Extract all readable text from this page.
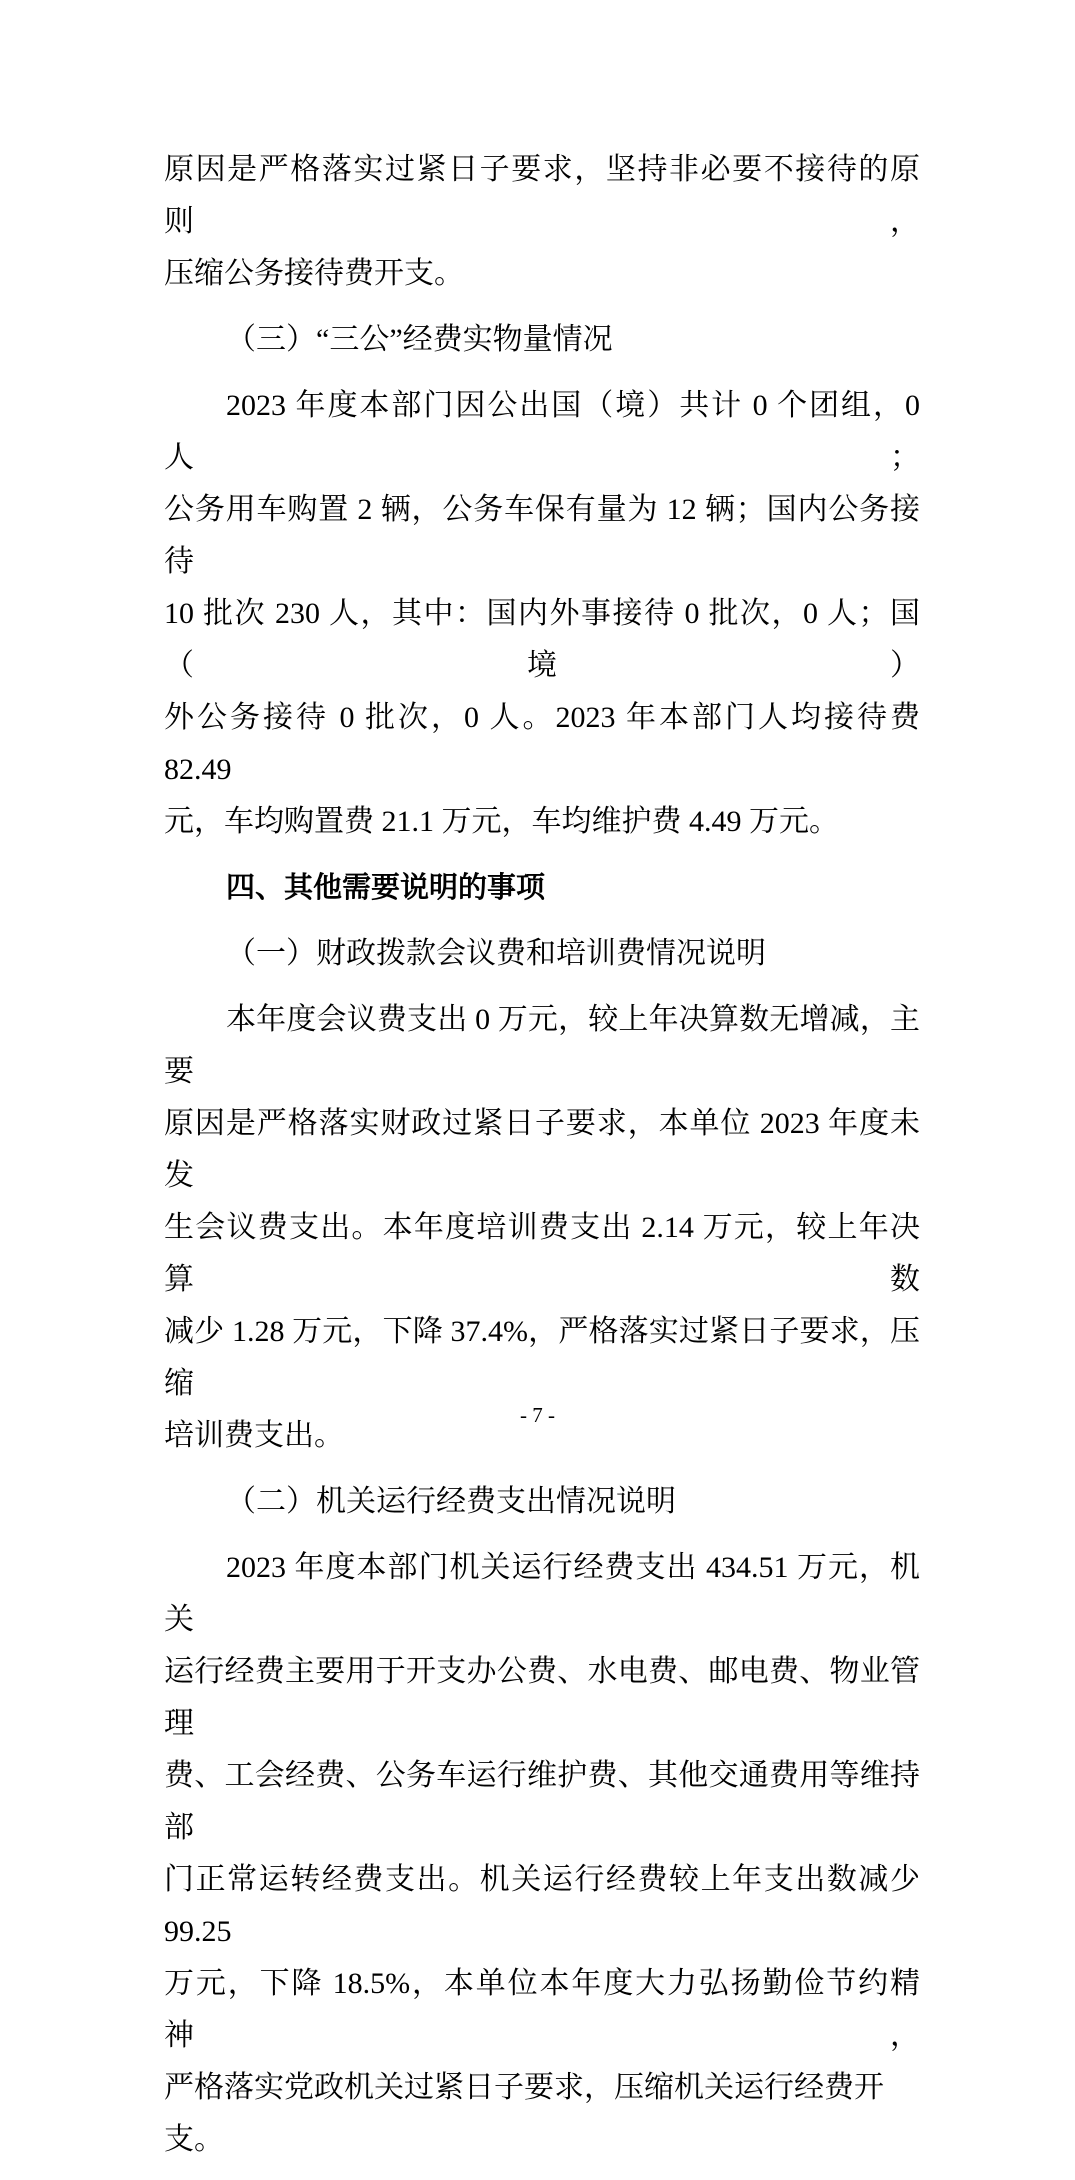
原因是严格落实过紧日子要求，坚持非必要不接待的原则，
压缩公务接待费开支。
（三）“三公”经费实物量情况
2023 年度本部门因公出国（境）共计 0 个团组，0 人；
公务用车购置 2 辆，公务车保有量为 12 辆；国内公务接待
10 批次 230 人，其中：国内外事接待 0 批次，0 人；国（境）
外公务接待 0 批次，0 人。2023 年本部门人均接待费 82.49
元，车均购置费 21.1 万元，车均维护费 4.49 万元。
四、其他需要说明的事项
（一）财政拨款会议费和培训费情况说明
本年度会议费支出 0 万元，较上年决算数无增减，主要
原因是严格落实财政过紧日子要求，本单位 2023 年度未发
生会议费支出。本年度培训费支出 2.14 万元，较上年决算数
减少 1.28 万元，下降 37.4%，严格落实过紧日子要求，压缩
培训费支出。
（二）机关运行经费支出情况说明
2023 年度本部门机关运行经费支出 434.51 万元，机关
运行经费主要用于开支办公费、水电费、邮电费、物业管理
费、工会经费、公务车运行维护费、其他交通费用等维持部
门正常运转经费支出。机关运行经费较上年支出数减少 99.25
万元，下降 18.5%，本单位本年度大力弘扬勤俭节约精神，
严格落实党政机关过紧日子要求，压缩机关运行经费开支。
- 7 -
